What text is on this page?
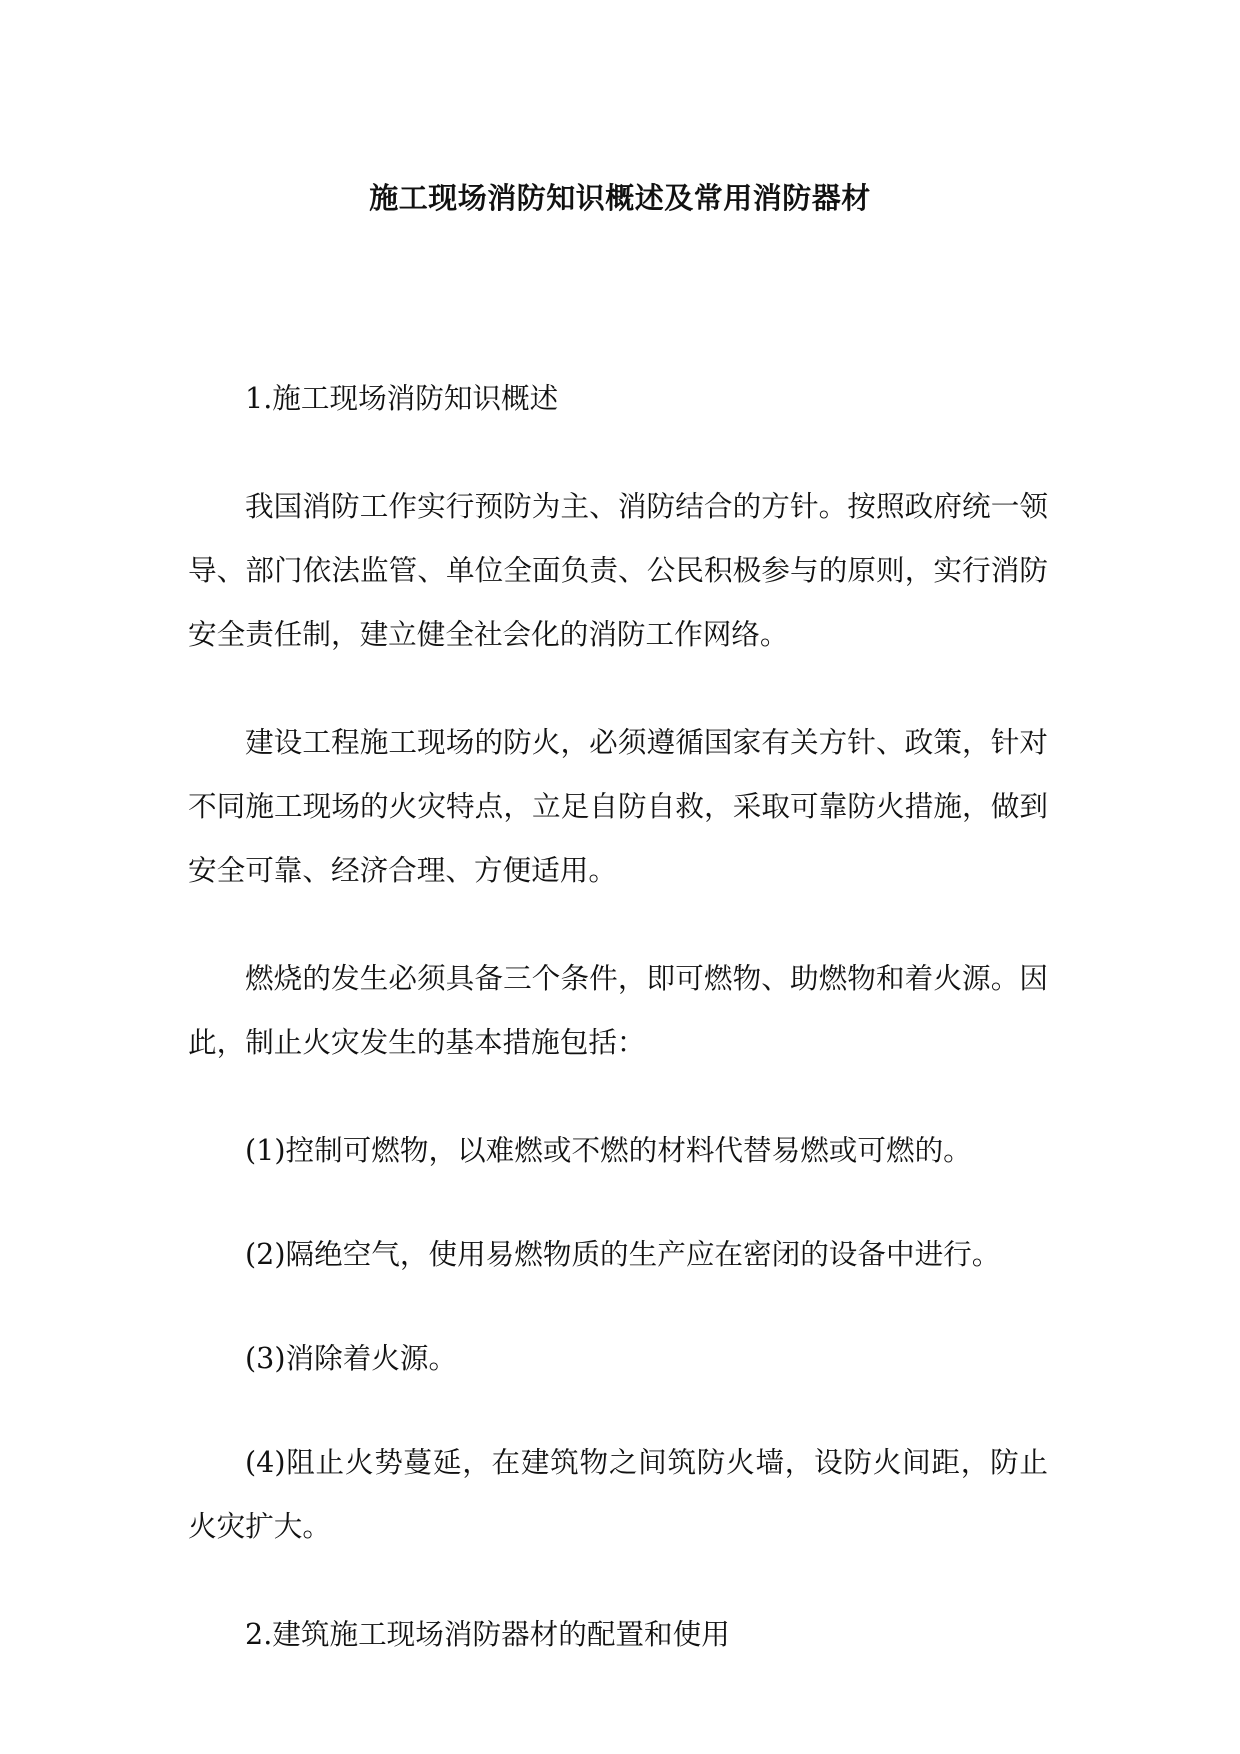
施工现场消防知识概述及常用消防器材

1.施工现场消防知识概述

我国消防工作实行预防为主、消防结合的方针。按照政府统一领导、部门依法监管、单位全面负责、公民积极参与的原则，实行消防安全责任制，建立健全社会化的消防工作网络。

建设工程施工现场的防火，必须遵循国家有关方针、政策，针对不同施工现场的火灾特点，立足自防自救，采取可靠防火措施，做到安全可靠、经济合理、方便适用。

燃烧的发生必须具备三个条件，即可燃物、助燃物和着火源。因此，制止火灾发生的基本措施包括：

(1)控制可燃物，以难燃或不燃的材料代替易燃或可燃的。

(2)隔绝空气，使用易燃物质的生产应在密闭的设备中进行。

(3)消除着火源。

(4)阻止火势蔓延，在建筑物之间筑防火墙，设防火间距，防止火灾扩大。

2.建筑施工现场消防器材的配置和使用
